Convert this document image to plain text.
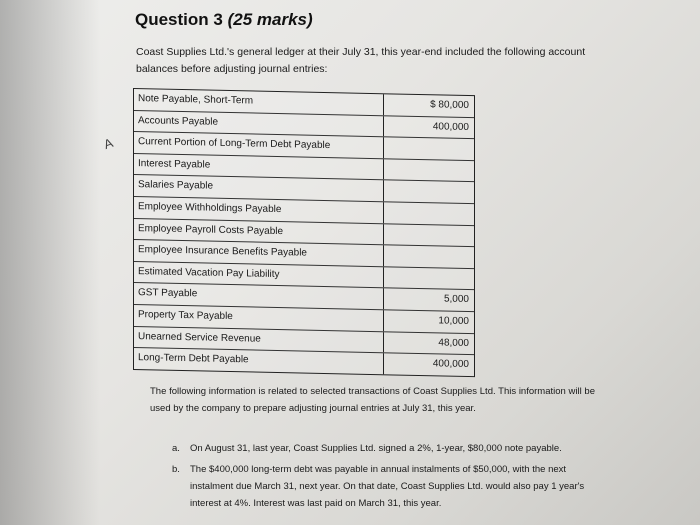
Question 3 (25 marks)
Coast Supplies Ltd.'s general ledger at their July 31, this year-end included the following account balances before adjusting journal entries:
A
Note Payable, Short-Term	$ 80,000
Accounts Payable	400,000
Current Portion of Long-Term Debt Payable
Interest Payable
Salaries Payable
Employee Withholdings Payable
Employee Payroll Costs Payable
Employee Insurance Benefits Payable
Estimated Vacation Pay Liability
GST Payable	5,000
Property Tax Payable	10,000
Unearned Service Revenue	48,000
Long-Term Debt Payable	400,000
The following information is related to selected transactions of Coast Supplies Ltd. This information will be used by the company to prepare adjusting journal entries at July 31, this year.
a. On August 31, last year, Coast Supplies Ltd. signed a 2%, 1-year, $80,000 note payable.
b. The $400,000 long-term debt was payable in annual instalments of $50,000, with the next instalment due March 31, next year. On that date, Coast Supplies Ltd. would also pay 1 year's interest at 4%. Interest was last paid on March 31, this year.
